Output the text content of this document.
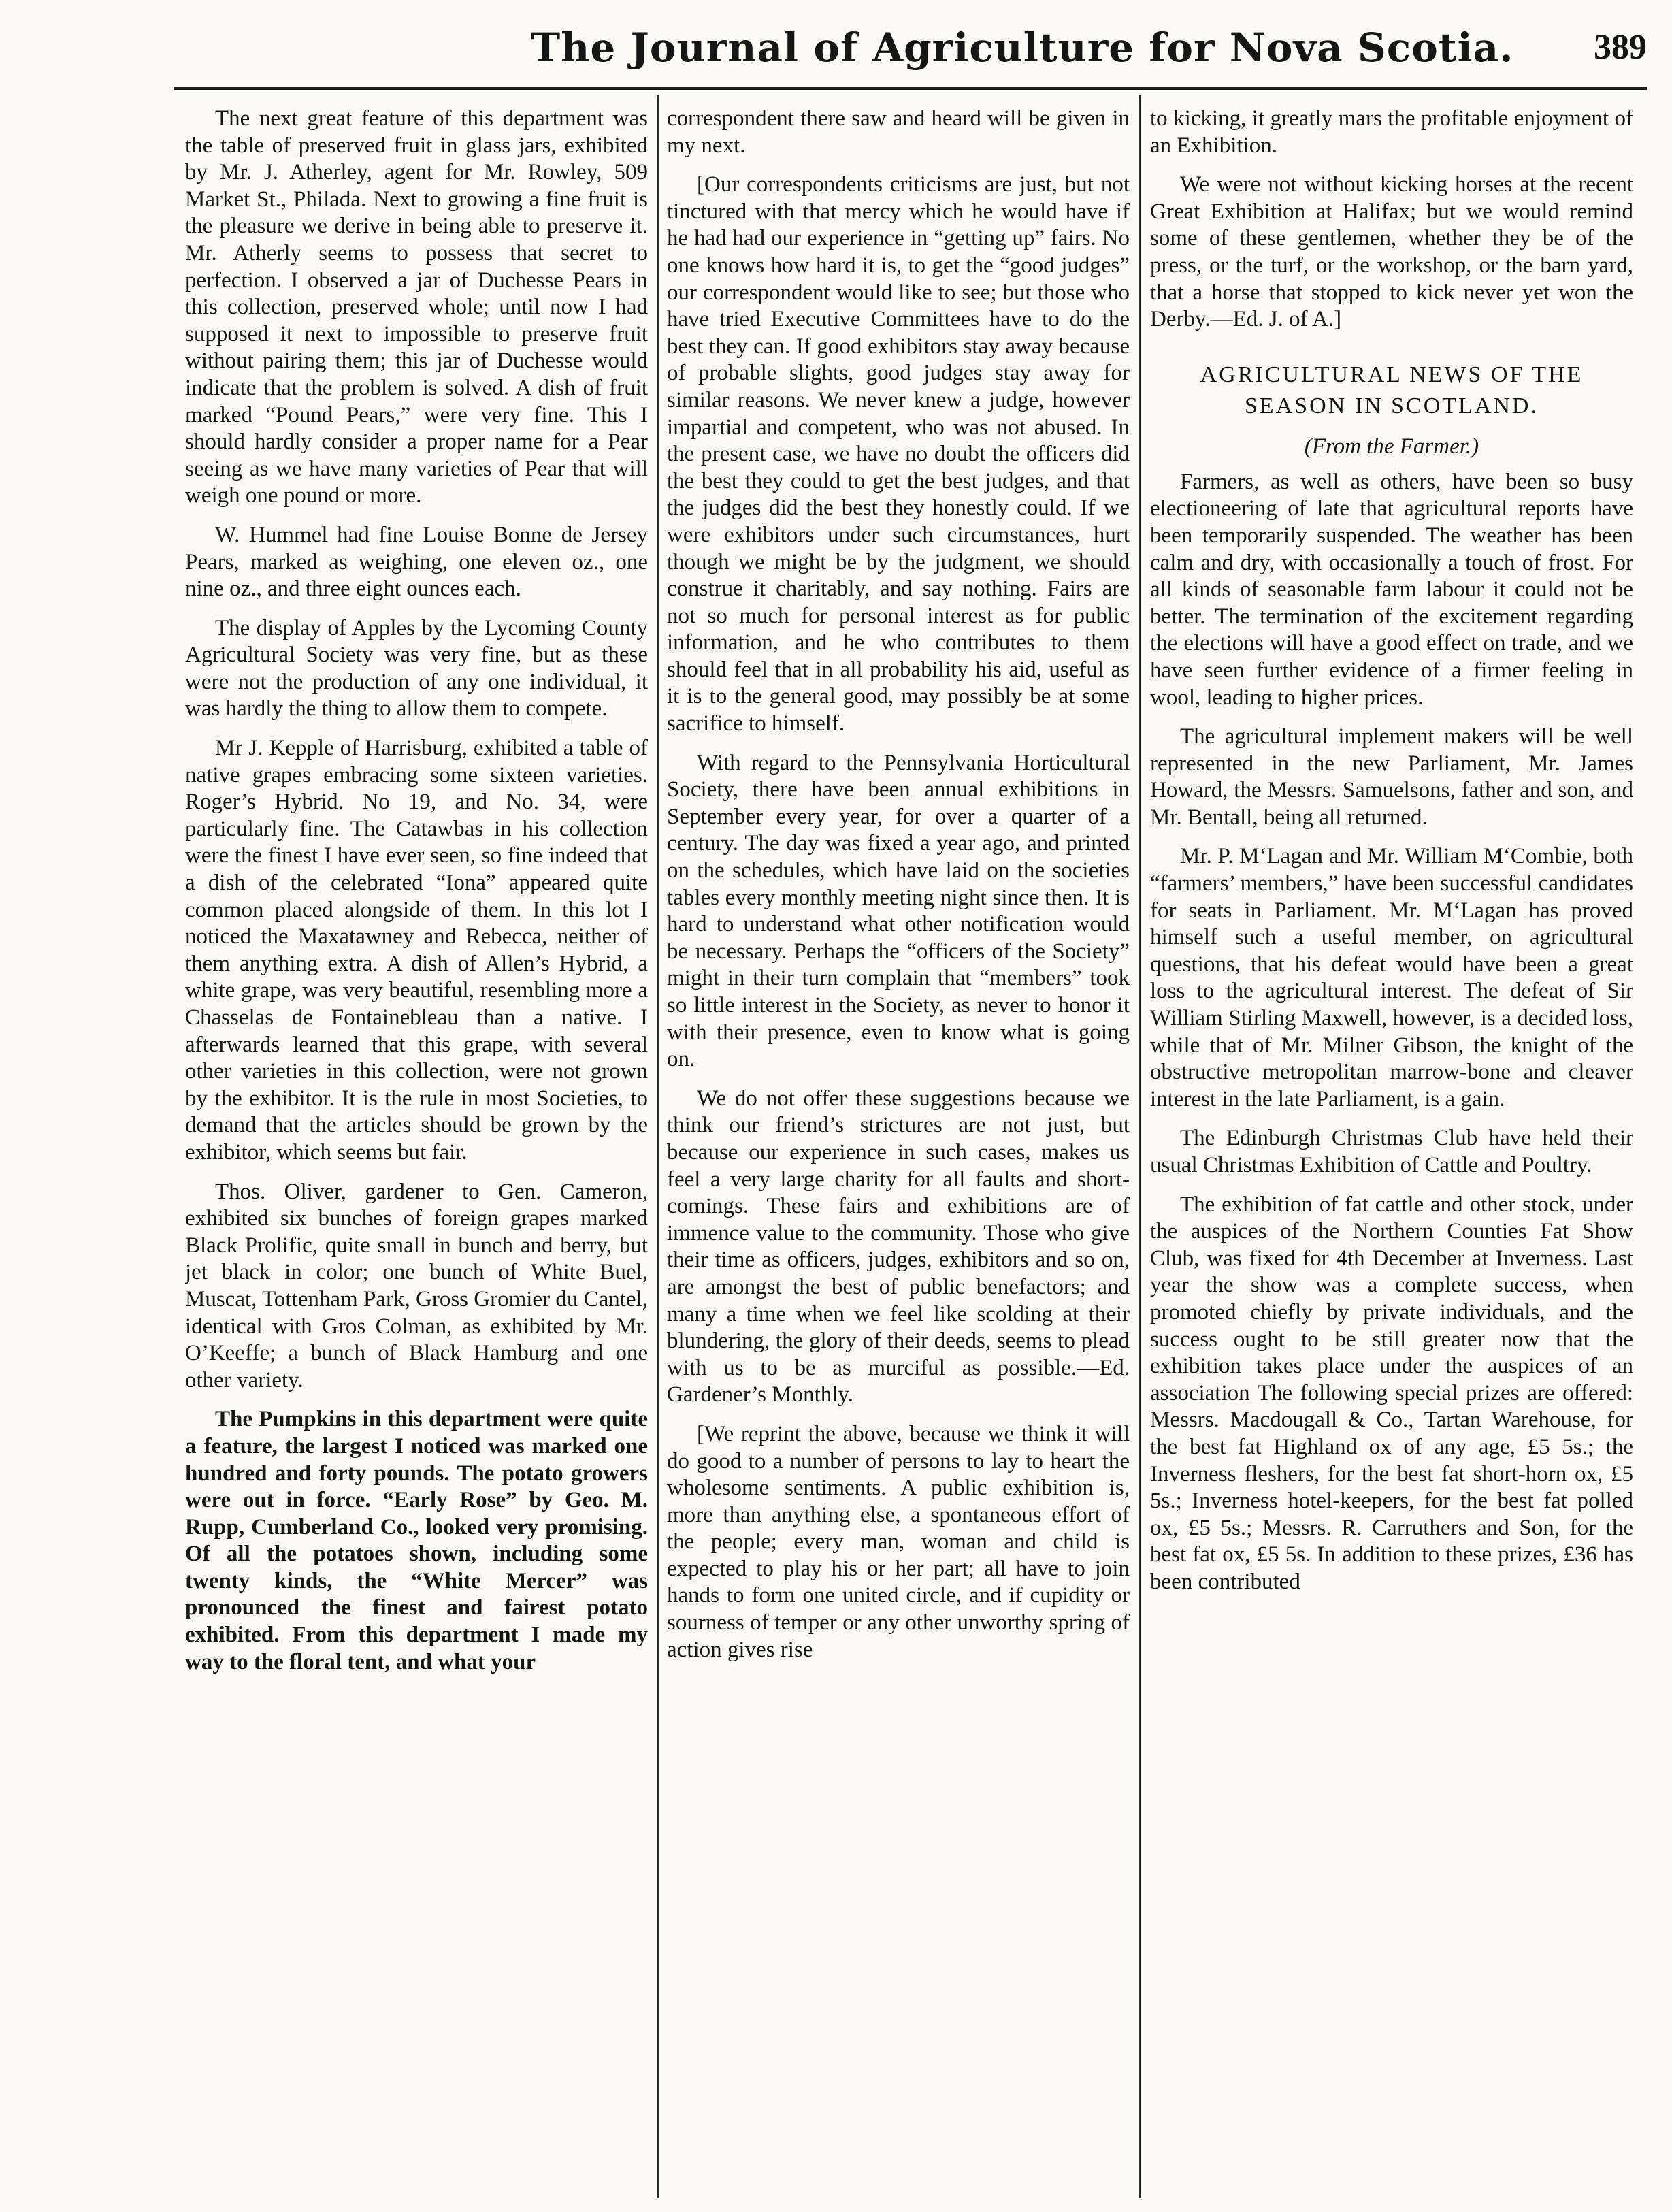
The Journal of Agriculture for Nova Scotia. 389

The next great feature of this department was the table of preserved fruit in glass jars, exhibited by Mr. J. Atherley, agent for Mr. Rowley, 509 Market St., Philada. Next to growing a fine fruit is the pleasure we derive in being able to preserve it. Mr. Atherly seems to possess that secret to perfection. I observed a jar of Duchesse Pears in this collection, preserved whole; until now I had supposed it next to impossible to preserve fruit without pairing them; this jar of Duchesse would indicate that the problem is solved. A dish of fruit marked “Pound Pears,” were very fine. This I should hardly consider a proper name for a Pear seeing as we have many varieties of Pear that will weigh one pound or more.

W. Hummel had fine Louise Bonne de Jersey Pears, marked as weighing, one eleven oz., one nine oz., and three eight ounces each.

The display of Apples by the Lycoming County Agricultural Society was very fine, but as these were not the production of any one individual, it was hardly the thing to allow them to compete.

Mr J. Kepple of Harrisburg, exhibited a table of native grapes embracing some sixteen varieties. Roger’s Hybrid. No 19, and No. 34, were particularly fine. The Catawbas in his collection were the finest I have ever seen, so fine indeed that a dish of the celebrated “Iona” appeared quite common placed alongside of them. In this lot I noticed the Maxatawney and Rebecca, neither of them anything extra. A dish of Allen’s Hybrid, a white grape, was very beautiful, resembling more a Chasselas de Fontainebleau than a native. I afterwards learned that this grape, with several other varieties in this collection, were not grown by the exhibitor. It is the rule in most Societies, to demand that the articles should be grown by the exhibitor, which seems but fair.

Thos. Oliver, gardener to Gen. Cameron, exhibited six bunches of foreign grapes marked Black Prolific, quite small in bunch and berry, but jet black in color; one bunch of White Buel, Muscat, Tottenham Park, Gross Gromier du Cantel, identical with Gros Colman, as exhibited by Mr. O’Keeffe; a bunch of Black Hamburg and one other variety.

The Pumpkins in this department were quite a feature, the largest I noticed was marked one hundred and forty pounds. The potato growers were out in force. “Early Rose” by Geo. M. Rupp, Cumberland Co., looked very promising. Of all the potatoes shown, including some twenty kinds, the “White Mercer” was pronounced the finest and fairest potato exhibited. From this department I made my way to the floral tent, and what your

correspondent there saw and heard will be given in my next.

[Our correspondents criticisms are just, but not tinctured with that mercy which he would have if he had had our experience in “getting up” fairs. No one knows how hard it is, to get the “good judges” our correspondent would like to see; but those who have tried Executive Committees have to do the best they can. If good exhibitors stay away because of probable slights, good judges stay away for similar reasons. We never knew a judge, however impartial and competent, who was not abused. In the present case, we have no doubt the officers did the best they could to get the best judges, and that the judges did the best they honestly could. If we were exhibitors under such circumstances, hurt though we might be by the judgment, we should construe it charitably, and say nothing. Fairs are not so much for personal interest as for public information, and he who contributes to them should feel that in all probability his aid, useful as it is to the general good, may possibly be at some sacrifice to himself.

With regard to the Pennsylvania Horticultural Society, there have been annual exhibitions in September every year, for over a quarter of a century. The day was fixed a year ago, and printed on the schedules, which have laid on the societies tables every monthly meeting night since then. It is hard to understand what other notification would be necessary. Perhaps the “officers of the Society” might in their turn complain that “members” took so little interest in the Society, as never to honor it with their presence, even to know what is going on.

We do not offer these suggestions because we think our friend’s strictures are not just, but because our experience in such cases, makes us feel a very large charity for all faults and short-comings. These fairs and exhibitions are of immence value to the community. Those who give their time as officers, judges, exhibitors and so on, are amongst the best of public benefactors; and many a time when we feel like scolding at their blundering, the glory of their deeds, seems to plead with us to be as murciful as possible.—Ed. Gardener’s Monthly.

[We reprint the above, because we think it will do good to a number of persons to lay to heart the wholesome sentiments. A public exhibition is, more than anything else, a spontaneous effort of the people; every man, woman and child is expected to play his or her part; all have to join hands to form one united circle, and if cupidity or sourness of temper or any other unworthy spring of action gives rise

to kicking, it greatly mars the profitable enjoyment of an Exhibition.

We were not without kicking horses at the recent Great Exhibition at Halifax; but we would remind some of these gentlemen, whether they be of the press, or the turf, or the workshop, or the barn yard, that a horse that stopped to kick never yet won the Derby.—Ed. J. of A.]

AGRICULTURAL NEWS OF THE SEASON IN SCOTLAND.
(From the Farmer.)

Farmers, as well as others, have been so busy electioneering of late that agricultural reports have been temporarily suspended. The weather has been calm and dry, with occasionally a touch of frost. For all kinds of seasonable farm labour it could not be better. The termination of the excitement regarding the elections will have a good effect on trade, and we have seen further evidence of a firmer feeling in wool, leading to higher prices.

The agricultural implement makers will be well represented in the new Parliament, Mr. James Howard, the Messrs. Samuelsons, father and son, and Mr. Bentall, being all returned.

Mr. P. M‘Lagan and Mr. William M‘Combie, both “farmers’ members,” have been successful candidates for seats in Parliament. Mr. M‘Lagan has proved himself such a useful member, on agricultural questions, that his defeat would have been a great loss to the agricultural interest. The defeat of Sir William Stirling Maxwell, however, is a decided loss, while that of Mr. Milner Gibson, the knight of the obstructive metropolitan marrow-bone and cleaver interest in the late Parliament, is a gain.

The Edinburgh Christmas Club have held their usual Christmas Exhibition of Cattle and Poultry.

The exhibition of fat cattle and other stock, under the auspices of the Northern Counties Fat Show Club, was fixed for 4th December at Inverness. Last year the show was a complete success, when promoted chiefly by private individuals, and the success ought to be still greater now that the exhibition takes place under the auspices of an association The following special prizes are offered: Messrs. Macdougall & Co., Tartan Warehouse, for the best fat Highland ox of any age, £5 5s.; the Inverness fleshers, for the best fat short-horn ox, £5 5s.; Inverness hotel-keepers, for the best fat polled ox, £5 5s.; Messrs. R. Carruthers and Son, for the best fat ox, £5 5s. In addition to these prizes, £36 has been contributed
